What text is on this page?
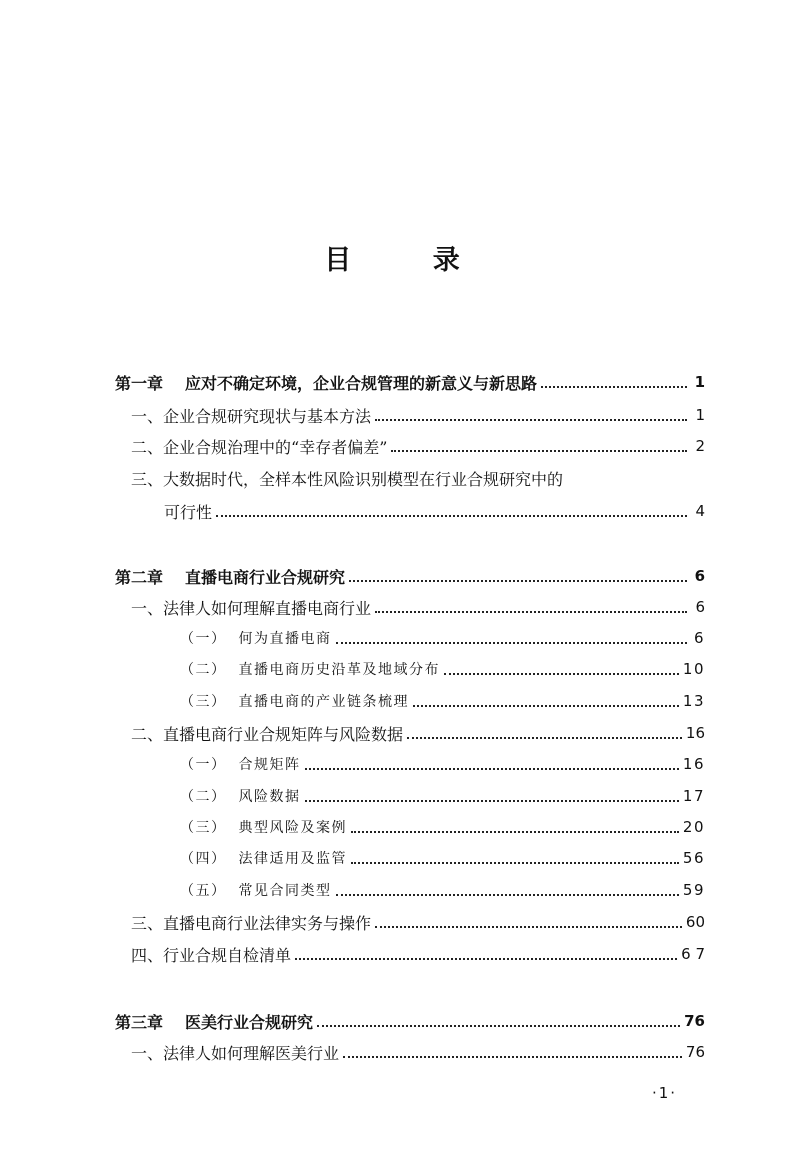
目 录
第一章 应对不确定环境，企业合规管理的新意义与新思路	1
一、企业合规研究现状与基本方法	1
二、企业合规治理中的“幸存者偏差”	2
三、大数据时代，全样本性风险识别模型在行业合规研究中的
可行性	4
第二章 直播电商行业合规研究	6
一、法律人如何理解直播电商行业	6
（一） 何为直播电商	6
（二） 直播电商历史沿革及地域分布	10
（三） 直播电商的产业链条梳理	13
二、直播电商行业合规矩阵与风险数据	16
（一） 合规矩阵	16
（二） 风险数据	17
（三） 典型风险及案例	20
（四） 法律适用及监管	56
（五） 常见合同类型	59
三、直播电商行业法律实务与操作	60
四、行业合规自检清单	6 7
第三章 医美行业合规研究	76
一、法律人如何理解医美行业	76
·1·
